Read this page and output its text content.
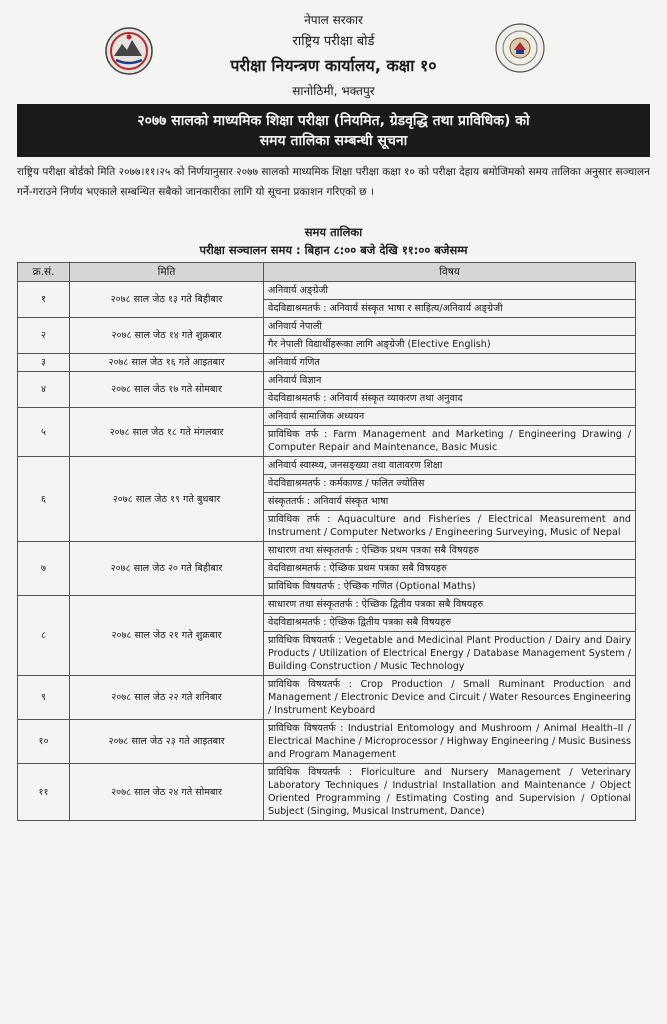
नेपाल सरकार
राष्ट्रिय परीक्षा बोर्ड
परीक्षा नियन्त्रण कार्यालय, कक्षा १०
सानोठिमी, भक्तपुर
२०७७ सालको माध्यमिक शिक्षा परीक्षा (नियमित, ग्रेडवृद्धि तथा प्राविधिक) को
समय तालिका सम्बन्धी सूचना
राष्ट्रिय परीक्षा बोर्डको मिति २०७७।११।२५ को निर्णयानुसार २०७७ सालको माध्यमिक शिक्षा परीक्षा कक्षा १० को परीक्षा देहाय बमोजिमको समय तालिका अनुसार सञ्चालन गर्ने-गराउने निर्णय भएकाले सम्बन्धित सबैको जानकारीका लागि यो सूचना प्रकाशन गरिएको छ ।
समय तालिका
परीक्षा सञ्चालन समय : बिहान ८:०० बजे देखि ११:०० बजेसम्म
क्र.सं.	मिति	विषय
१	२०७८ साल जेठ १३ गते बिहीबार	अनिवार्य अङ्ग्रेजी
		वेदविद्याश्रमतर्फ : अनिवार्य संस्कृत भाषा र साहित्य/अनिवार्य अङ्ग्रेजी
२	२०७८ साल जेठ १४ गते शुक्रबार	अनिवार्य नेपाली
		गैर नेपाली विद्यार्थीहरूका लागि अङ्ग्रेजी (Elective English)
३	२०७८ साल जेठ १६ गते आइतबार	अनिवार्य गणित
४	२०७८ साल जेठ १७ गते सोमबार	अनिवार्य विज्ञान
		वेदविद्याश्रमतर्फ : अनिवार्य संस्कृत व्याकरण तथा अनुवाद
५	२०७८ साल जेठ १८ गते मंगलबार	अनिवार्य सामाजिक अध्ययन
		प्राविधिक तर्फ : Farm Management and Marketing / Engineering Drawing / Computer Repair and Maintenance, Basic Music
६	२०७८ साल जेठ १९ गते बुधबार	अनिवार्य स्वास्थ्य, जनसङ्ख्या तथा वातावरण शिक्षा
		वेदविद्याश्रमतर्फ : कर्मकाण्ड / फलित ज्योतिस
		संस्कृततर्फ : अनिवार्य संस्कृत भाषा
		प्राविधिक तर्फ : Aquaculture and Fisheries / Electrical Measurement and Instrument / Computer Networks / Engineering Surveying, Music of Nepal
७	२०७८ साल जेठ २० गते बिहीबार	साधारण तथा संस्कृततर्फ : ऐच्छिक प्रथम पत्रका सबै विषयहरु
		वेदविद्याश्रमतर्फ : ऐच्छिक प्रथम पत्रका सबै विषयहरु
		प्राविधिक विषयतर्फ : ऐच्छिक गणित (Optional Maths)
८	२०७८ साल जेठ २१ गते शुक्रबार	साधारण तथा संस्कृततर्फ : ऐच्छिक द्वितीय पत्रका सबै विषयहरु
		वेदविद्याश्रमतर्फ : ऐच्छिक द्वितीय पत्रका सबै विषयहरु
		प्राविधिक विषयतर्फ : Vegetable and Medicinal Plant Production / Dairy and Dairy Products / Utilization of Electrical Energy / Database Management System / Building Construction / Music Technology
९	२०७८ साल जेठ २२ गते शनिबार	प्राविधिक विषयतर्फ : Crop Production / Small Ruminant Production and Management / Electronic Device and Circuit / Water Resources Engineering / Instrument Keyboard
१०	२०७८ साल जेठ २३ गते आइतबार	प्राविधिक विषयतर्फ : Industrial Entomology and Mushroom / Animal Health–II / Electrical Machine / Microprocessor / Highway Engineering / Music Business and Program Management
११	२०७८ साल जेठ २४ गते सोमबार	प्राविधिक विषयतर्फ : Floriculture and Nursery Management / Veterinary Laboratory Techniques / Industrial Installation and Maintenance / Object Oriented Programming / Estimating Costing and Supervision / Optional Subject (Singing, Musical Instrument, Dance)
